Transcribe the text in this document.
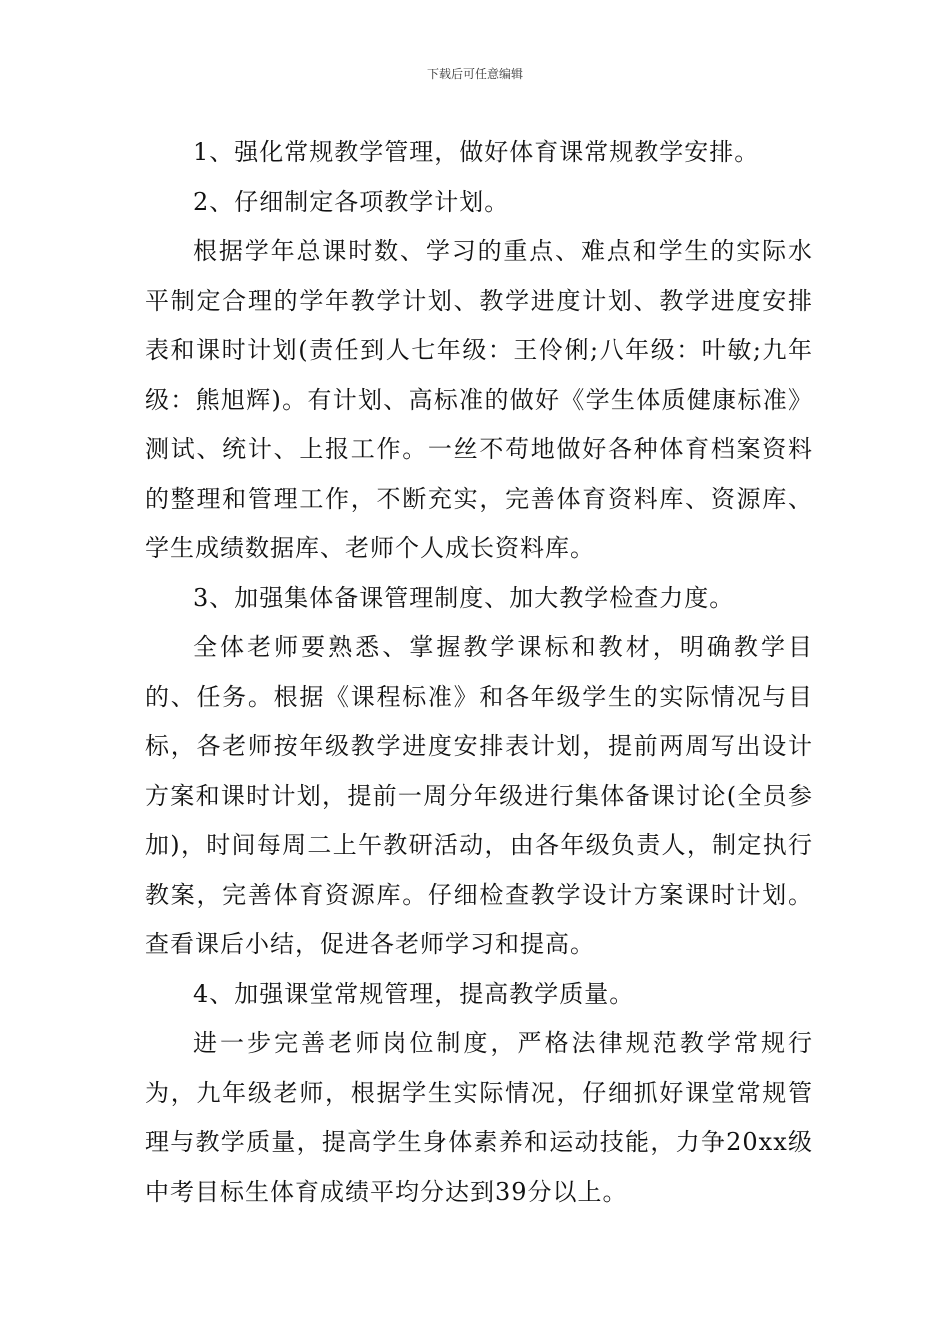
下载后可任意编辑

1、强化常规教学管理，做好体育课常规教学安排。

2、仔细制定各项教学计划。

根据学年总课时数、学习的重点、难点和学生的实际水平制定合理的学年教学计划、教学进度计划、教学进度安排表和课时计划(责任到人七年级：王伶俐;八年级：叶敏;九年级：熊旭辉)。有计划、高标准的做好《学生体质健康标准》测试、统计、上报工作。一丝不苟地做好各种体育档案资料的整理和管理工作，不断充实，完善体育资料库、资源库、学生成绩数据库、老师个人成长资料库。

3、加强集体备课管理制度、加大教学检查力度。

全体老师要熟悉、掌握教学课标和教材，明确教学目的、任务。根据《课程标准》和各年级学生的实际情况与目标，各老师按年级教学进度安排表计划，提前两周写出设计方案和课时计划，提前一周分年级进行集体备课讨论(全员参加)，时间每周二上午教研活动，由各年级负责人，制定执行教案，完善体育资源库。仔细检查教学设计方案课时计划。查看课后小结，促进各老师学习和提高。

4、加强课堂常规管理，提高教学质量。

进一步完善老师岗位制度，严格法律规范教学常规行为，九年级老师，根据学生实际情况，仔细抓好课堂常规管理与教学质量，提高学生身体素养和运动技能，力争20xx级中考目标生体育成绩平均分达到39分以上。
